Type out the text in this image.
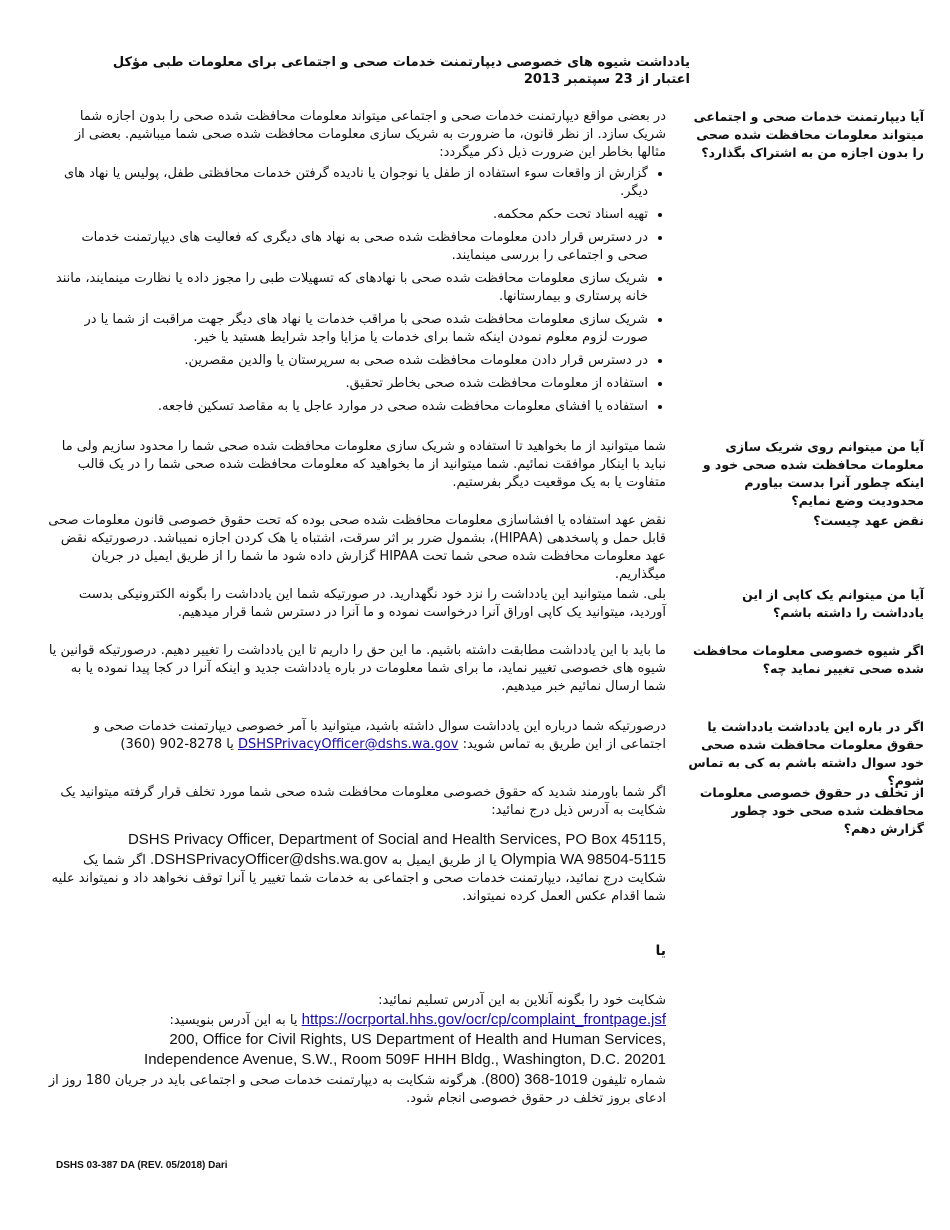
یادداشت شیوه های خصوصی دیپارتمنت خدمات صحی و اجتماعی برای معلومات طبی مؤکل
اعتبار از 23 سپتمبر 2013
آیا دیپارتمنت خدمات صحی و اجتماعی میتواند معلومات محافظت شده صحی را بدون اجازه من به اشتراک بگذارد؟

در بعضی مواقع دیپارتمنت خدمات صحی و اجتماعی میتواند معلومات محافظت شده صحی را بدون اجازه شما شریک سازد. از نظر قانون، ما ضرورت به شریک سازی معلومات محافظت شده صحی شما میباشیم. بعضی از مثالها بخاطر این ضرورت ذیل ذکر میگردد:

• گزارش از واقعات سوء استفاده از طفل یا نوجوان یا نادیده گرفتن خدمات محافظتی طفل، پولیس یا نهاد های دیگر.
• تهیه اسناد تحت حکم محکمه.
• در دسترس قرار دادن معلومات محافظت شده صحی به نهاد های دیگری که فعالیت های دیپارتمنت خدمات صحی و اجتماعی را بررسی مینمایند.
• شریک سازی معلومات محافظت شده صحی با نهادهای که تسهیلات طبی را مجوز داده یا نظارت مینمایند، مانند خانه پرستاری و بیمارستانها.
• شریک سازی معلومات محافظت شده صحی با مراقب خدمات یا نهاد های دیگر جهت مراقبت از شما یا در صورت لزوم معلوم نمودن اینکه شما برای خدمات یا مزایا واجد شرایط هستید یا خیر.
• در دسترس قرار دادن معلومات محافظت شده صحی به سرپرستان یا والدین مقصرین.
• استفاده از معلومات محافظت شده صحی بخاطر تحقیق.
• استفاده یا افشای معلومات محافظت شده صحی در موارد عاجل یا به مقاصد تسکین فاجعه.
آیا من میتوانم روی شریک سازی معلومات محافظت شده صحی خود و اینکه چطور آنرا بدست بیاورم محدودیت وضع نمایم؟
شما میتوانید از ما بخواهید تا استفاده و شریک سازی معلومات محافظت شده صحی شما را محدود سازیم ولی ما نباید با اینکار موافقت نمائیم. شما میتوانید از ما بخواهید که معلومات محافظت شده صحی شما را در یک قالب متفاوت یا به یک موقعیت دیگر بفرستیم.
نقض عهد چیست؟
نقض عهد استفاده یا افشاسازی معلومات محافظت شده صحی بوده که تحت حقوق خصوصی قانون معلومات صحی قابل حمل و پاسخدهی (HIPAA)، بشمول ضرر بر اثر سرقت، اشتباه یا هک کردن اجازه نمیباشد. درصورتیکه نقض عهد معلومات محافظت شده صحی شما تحت HIPAA گزارش داده شود ما شما را از طریق ایمیل در جریان میگذاریم.
آیا من میتوانم یک کاپی از این یادداشت را داشته باشم؟
بلی. شما میتوانید این یادداشت را نزد خود نگهدارید. در صورتیکه شما این یادداشت را بگونه الکترونیکی بدست آوردید، میتوانید یک کاپی اوراق آنرا درخواست نموده و ما آنرا در دسترس شما قرار میدهیم.
اگر شیوه خصوصی معلومات محافظت شده صحی تغییر نماید چه؟
ما باید با این یادداشت مطابقت داشته باشیم. ما این حق را داریم تا این یادداشت را تغییر دهیم. درصورتیکه قوانین یا شیوه های خصوصی تغییر نماید، ما برای شما معلومات در باره یادداشت جدید و اینکه آنرا در کجا پیدا نموده یا به شما ارسال نمائیم خبر میدهیم.
اگر در باره این یادداشت یادداشت یا حقوق معلومات محافظت شده صحی خود سوال داشته باشم به کی به تماس شوم؟
درصورتیکه شما درباره این یادداشت سوال داشته باشید، میتوانید با آمر خصوصی دیپارتمنت خدمات صحی و اجتماعی از این طریق به تماس شوید: DSHSPrivacyOfficer@dshs.wa.gov یا (360) 902-8278
از تخلف در حقوق خصوصی معلومات محافظت شده صحی خود چطور گزارش دهم؟

اگر شما باورمند شدید که حقوق خصوصی معلومات محافظت شده صحی شما مورد تخلف قرار گرفته میتوانید یک شکایت به آدرس ذیل درج نمائید:

DSHS Privacy Officer, Department of Social and Health Services, PO Box 45115,
Olympia WA 98504-5115 یا از طریق ایمیل به DSHSPrivacyOfficer@dshs.wa.gov. اگر شما یک شکایت درج نمائید، دیپارتمنت خدمات صحی و اجتماعی به خدمات شما تغییر یا آنرا توقف نخواهد داد و نمیتواند علیه شما اقدام عکس العمل کرده نمیتواند.
یا
شکایت خود را بگونه آنلاین به این آدرس تسلیم نمائید:
https://ocrportal.hhs.gov/ocr/cp/complaint_frontpage.jsf یا به این آدرس بنویسید:
200, Office for Civil Rights, US Department of Health and Human Services,
Independence Avenue, S.W., Room 509F HHH Bldg., Washington, D.C. 20201
شماره تلیفون (800) 368-1019. هرگونه شکایت به دیپارتمنت خدمات صحی و اجتماعی باید در جریان 180 روز از ادعای بروز تخلف در حقوق خصوصی انجام شود.
DSHS 03-387 DA (REV. 05/2018) Dari
